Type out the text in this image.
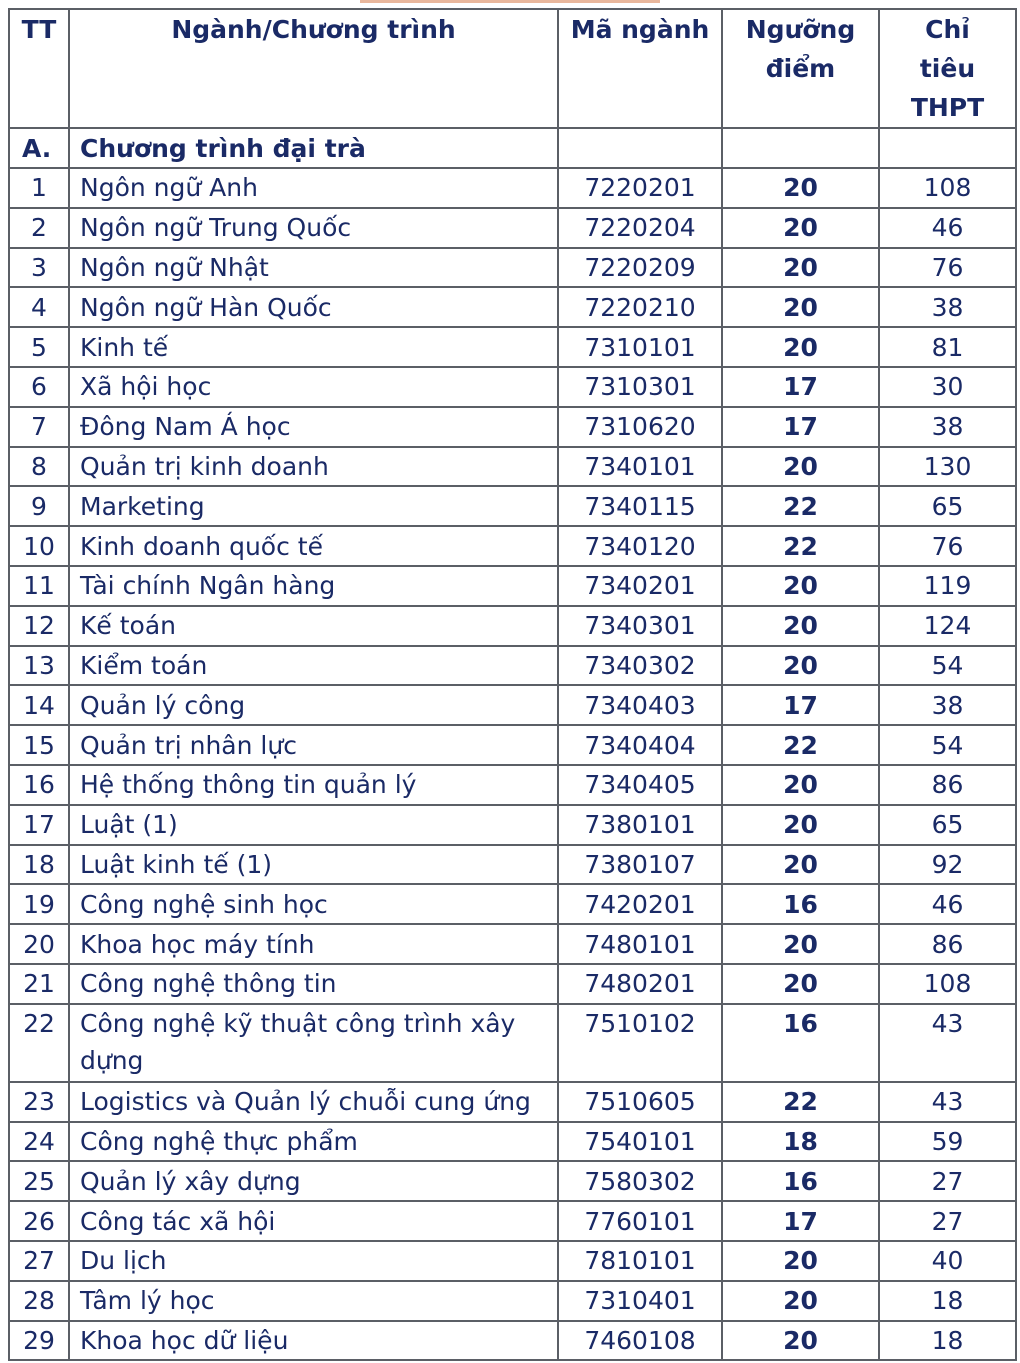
TT	Ngành/Chương trình	Mã ngành	Ngưỡng điểm	Chỉ tiêu THPT
A.	Chương trình đại trà			
1	Ngôn ngữ Anh	7220201	20	108
2	Ngôn ngữ Trung Quốc	7220204	20	46
3	Ngôn ngữ Nhật	7220209	20	76
4	Ngôn ngữ Hàn Quốc	7220210	20	38
5	Kinh tế	7310101	20	81
6	Xã hội học	7310301	17	30
7	Đông Nam Á học	7310620	17	38
8	Quản trị kinh doanh	7340101	20	130
9	Marketing	7340115	22	65
10	Kinh doanh quốc tế	7340120	22	76
11	Tài chính Ngân hàng	7340201	20	119
12	Kế toán	7340301	20	124
13	Kiểm toán	7340302	20	54
14	Quản lý công	7340403	17	38
15	Quản trị nhân lực	7340404	22	54
16	Hệ thống thông tin quản lý	7340405	20	86
17	Luật (1)	7380101	20	65
18	Luật kinh tế (1)	7380107	20	92
19	Công nghệ sinh học	7420201	16	46
20	Khoa học máy tính	7480101	20	86
21	Công nghệ thông tin	7480201	20	108
22	Công nghệ kỹ thuật công trình xây dựng	7510102	16	43
23	Logistics và Quản lý chuỗi cung ứng	7510605	22	43
24	Công nghệ thực phẩm	7540101	18	59
25	Quản lý xây dựng	7580302	16	27
26	Công tác xã hội	7760101	17	27
27	Du lịch	7810101	20	40
28	Tâm lý học	7310401	20	18
29	Khoa học dữ liệu	7460108	20	18
